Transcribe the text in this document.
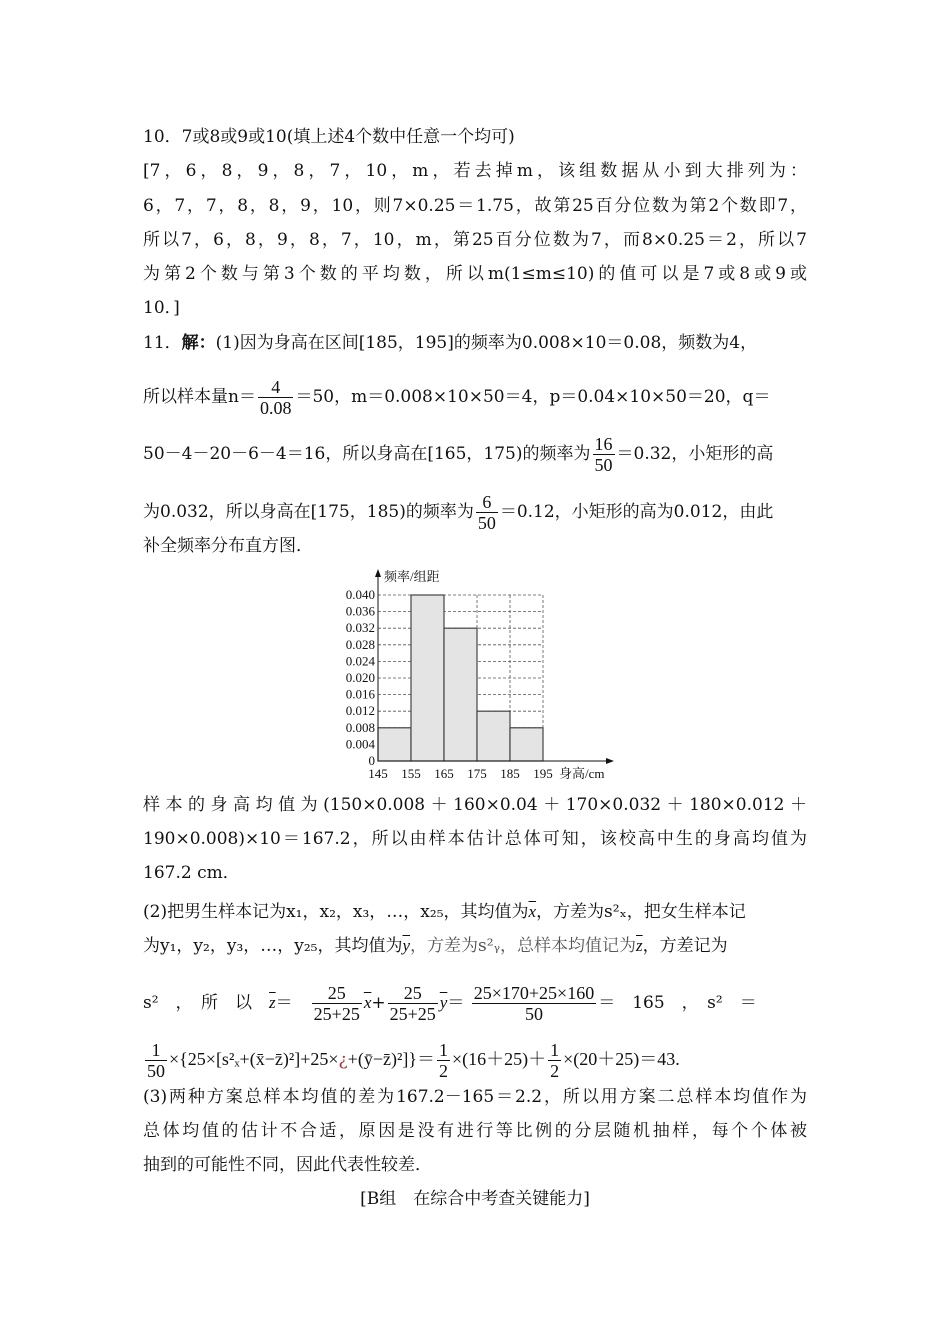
10．7或8或9或10(填上述4个数中任意一个均可)
[7，6，8，9，8，7，10，m，若去掉m，该组数据从小到大排列为：
6，7，7，8，8，9，10，则7×0.25＝1.75，故第25百分位数为第2个数即7，
所以7，6，8，9，8，7，10，m，第25百分位数为7，而8×0.25＝2，所以7
为第2个数与第3个数的平均数，所以m(1≤m≤10)的值可以是7或8或9或
10．]
11．解：(1)因为身高在区间[185，195]的频率为0.008×10＝0.08，频数为4，
所以样本量$n= \frac{4}{0.08} =50$，m＝0.008×10×50＝4，p＝0.04×10×50＝20，q＝
50－4－20－6－4＝16，所以身高在[165，175)的频率为 $\frac{16}{50} =0.32$，小矩形的高
为0.032，所以身高在[175，185)的频率为 $\frac{6}{50} =0.12$，小矩形的高为0.012，由此
补全频率分布直方图．
0
0.004
0.008
0.012
0.016
0.020
0.024
0.028
0.032
0.036
0.040
145 155 165 175 185 195
频率/组距
身高/cm
样本的身高均值为(150×0.008＋160×0.04＋170×0.032＋180×0.012＋
190×0.008)×10＝167.2，所以由样本估计总体可知，该校高中生的身高均值为
167.2 cm．
(2)把男生样本记为x₁，x₂，x₃，…，x₂₅，其均值为$\overline{x}$，方差为s²ₓ，把女生样本记
为y₁，y₂，y₃，…，y₂₅，其均值为$\overline{y}$，方差为s²ᵧ，总样本均值记为$\overline{z}$，方差记为
s²　，　所　以　 $\overline{z}=$　 $\frac{25}{25+25} \overline{x}+ \frac{25}{25+25} \overline{y}= \frac{25\times 170+25\times 160}{50}$ ＝　165　，　s²　＝
$\frac{1}{50}$ ×{25×[s²ₓ+(x̄−z̄)²]+25×¿+(ȳ−z̄)²]}＝ $\frac{1}{2} \times(16+25)+ \frac{1}{2} \times(20+25)=43$.
(3)两种方案总样本均值的差为167.2－165＝2.2，所以用方案二总样本均值作为
总体均值的估计不合适，原因是没有进行等比例的分层随机抽样，每个个体被
抽到的可能性不同，因此代表性较差．
[B组　在综合中考查关键能力]
